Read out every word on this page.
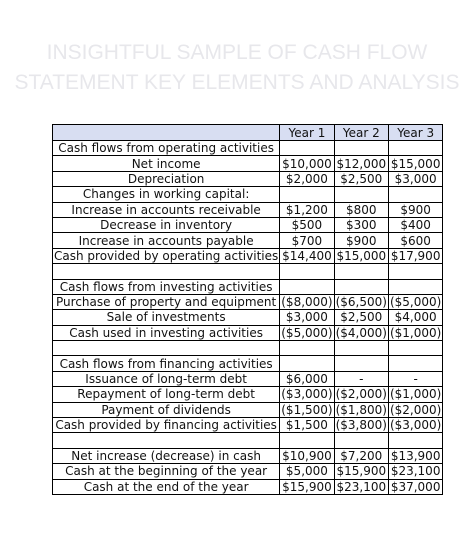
INSIGHTFUL SAMPLE OF CASH FLOW
STATEMENT KEY ELEMENTS AND ANALYSIS
	Year 1	Year 2	Year 3
Cash flows from operating activities			
Net income	$10,000	$12,000	$15,000
Depreciation	$2,000	$2,500	$3,000
Changes in working capital:			
Increase in accounts receivable	$1,200	$800	$900
Decrease in inventory	$500	$300	$400
Increase in accounts payable	$700	$900	$600
Cash provided by operating activities	$14,400	$15,000	$17,900

Cash flows from investing activities			
Purchase of property and equipment	($8,000)	($6,500)	($5,000)
Sale of investments	$3,000	$2,500	$4,000
Cash used in investing activities	($5,000)	($4,000)	($1,000)

Cash flows from financing activities			
Issuance of long-term debt	$6,000	-	-
Repayment of long-term debt	($3,000)	($2,000)	($1,000)
Payment of dividends	($1,500)	($1,800)	($2,000)
Cash provided by financing activities	$1,500	($3,800)	($3,000)

Net increase (decrease) in cash	$10,900	$7,200	$13,900
Cash at the beginning of the year	$5,000	$15,900	$23,100
Cash at the end of the year	$15,900	$23,100	$37,000
